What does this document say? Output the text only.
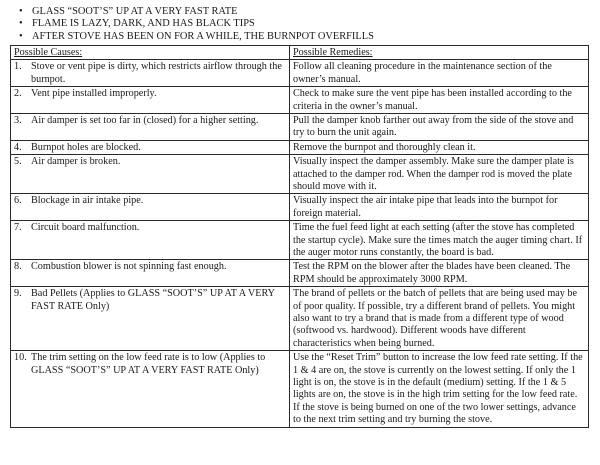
• GLASS “SOOT’S” UP AT A VERY FAST RATE
• FLAME IS LAZY, DARK, AND HAS BLACK TIPS
• AFTER STOVE HAS BEEN ON FOR A WHILE, THE BURNPOT OVERFILLS
Possible Causes:	Possible Remedies:

1. Stove or vent pipe is dirty, which restricts airflow through the burnpot.	Follow all cleaning procedure in the maintenance section of the owner’s manual.

2. Vent pipe installed improperly.	Check to make sure the vent pipe has been installed according to the criteria in the owner’s manual.

3. Air damper is set too far in (closed) for a higher setting.	Pull the damper knob farther out away from the side of the stove and try to burn the unit again.

4. Burnpot holes are blocked.	Remove the burnpot and thoroughly clean it.

5. Air damper is broken.	Visually inspect the damper assembly. Make sure the damper plate is attached to the damper rod. When the damper rod is moved the plate should move with it.

6. Blockage in air intake pipe.	Visually inspect the air intake pipe that leads into the burnpot for foreign material.

7. Circuit board malfunction.	Time the fuel feed light at each setting (after the stove has completed the startup cycle). Make sure the times match the auger timing chart. If the auger motor runs constantly, the board is bad.

8. Combustion blower is not spinning fast enough.	Test the RPM on the blower after the blades have been cleaned. The RPM should be approximately 3000 RPM.

9. Bad Pellets (Applies to GLASS “SOOT’S” UP AT A VERY FAST RATE Only)	The brand of pellets or the batch of pellets that are being used may be of poor quality. If possible, try a different brand of pellets. You might also want to try a brand that is made from a different type of wood (softwood vs. hardwood). Different woods have different characteristics when being burned.

10. The trim setting on the low feed rate is to low (Applies to GLASS “SOOT’S” UP AT A VERY FAST RATE Only)	Use the “Reset Trim” button to increase the low feed rate setting. If the 1 & 4 are on, the stove is currently on the lowest setting. If only the 1 light is on, the stove is in the default (medium) setting. If the 1 & 5 lights are on, the stove is in the high trim setting for the low feed rate. If the stove is being burned on one of the two lower settings, advance to the next trim setting and try burning the stove.
